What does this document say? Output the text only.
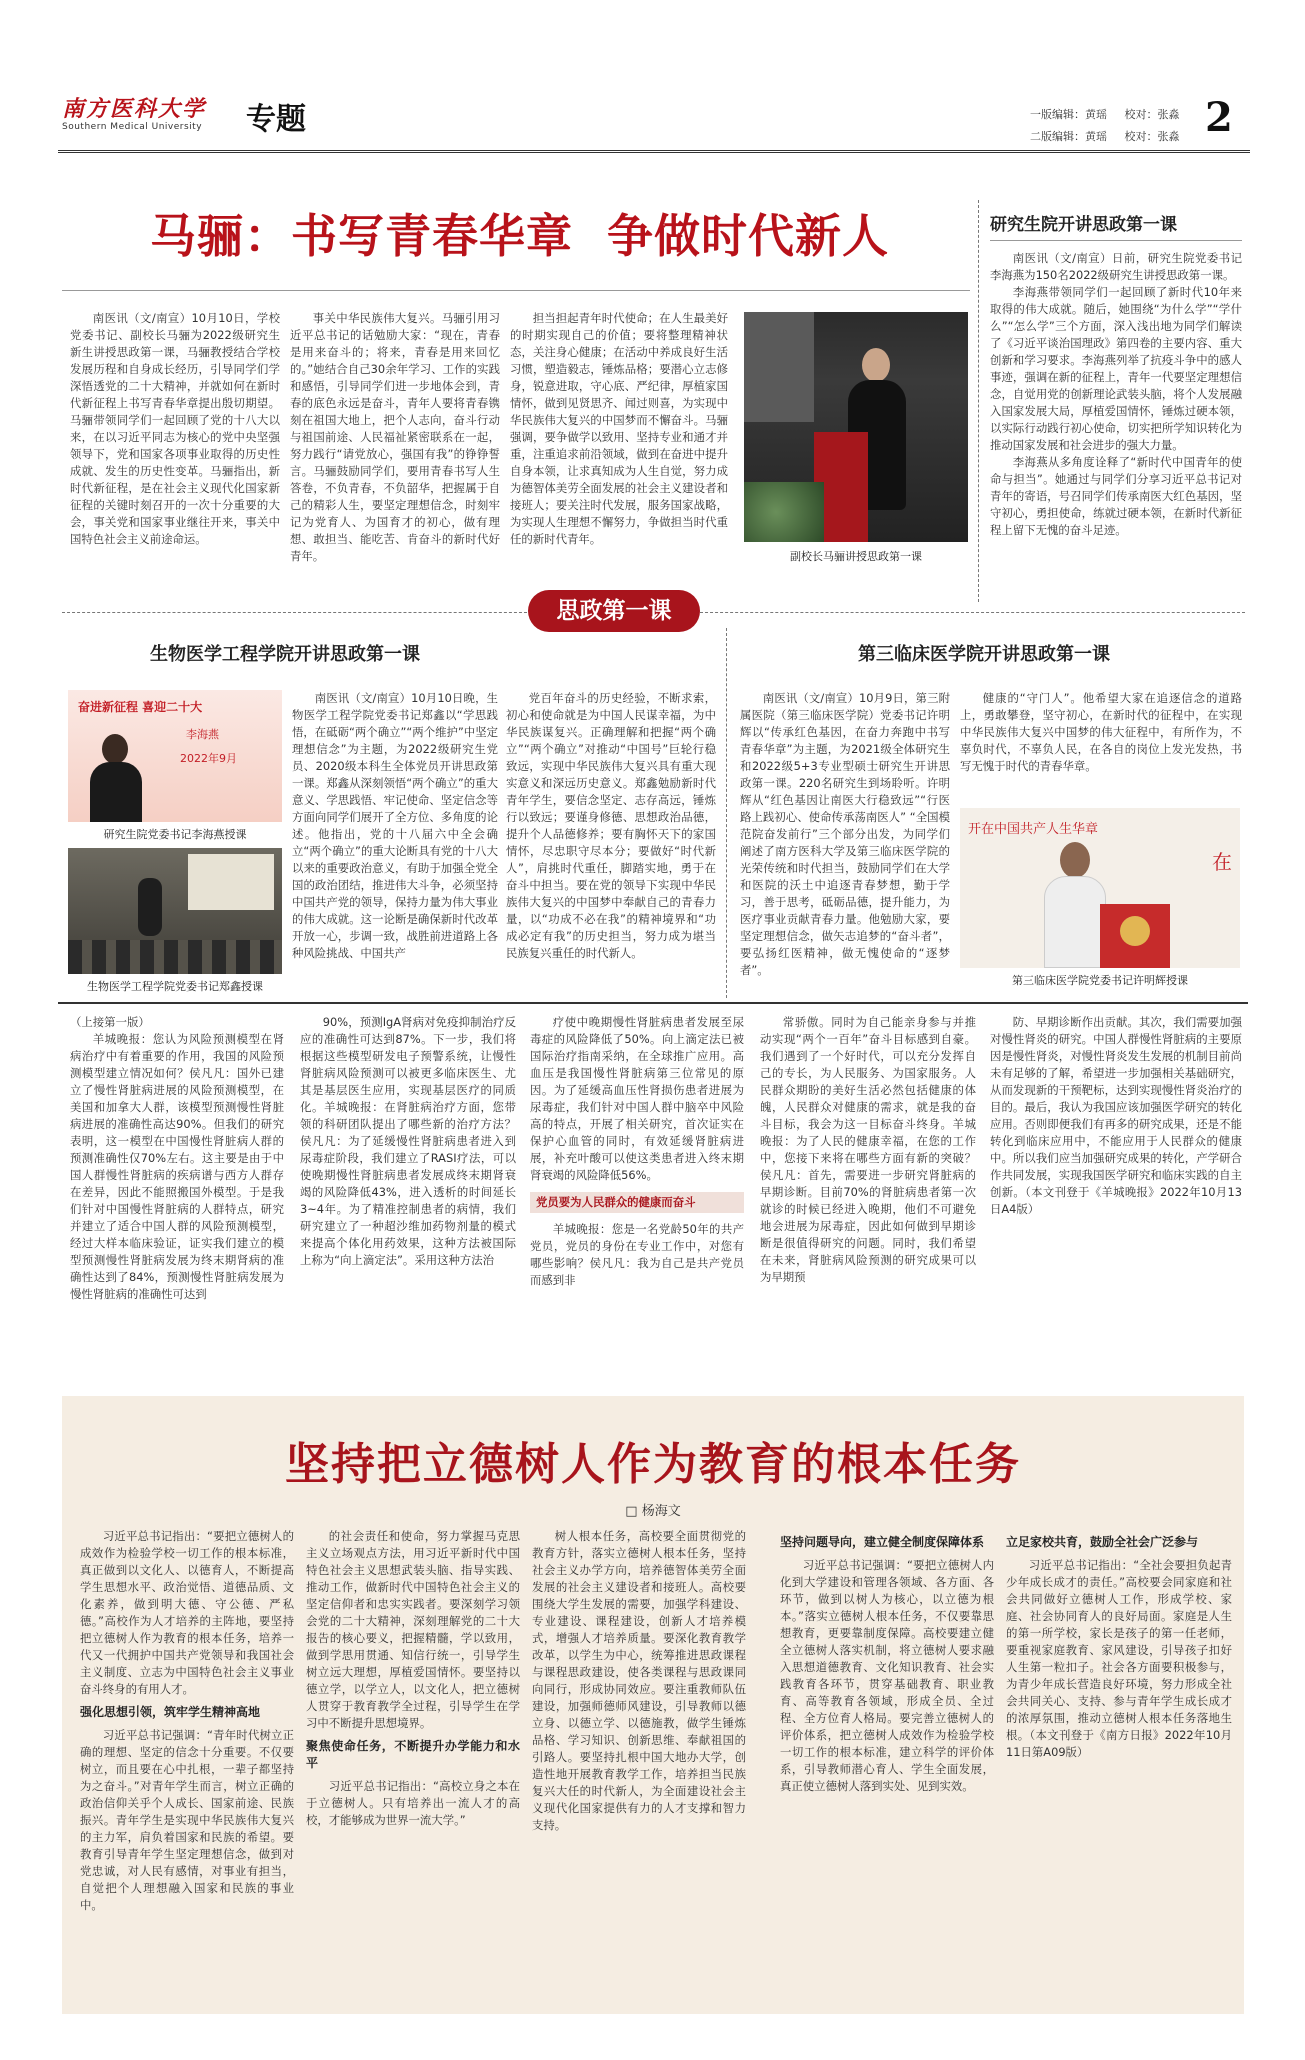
南方医科大学
Southern Medical University	专题	一版编辑：黄瑶 校对：张淼
二版编辑：黄瑶 校对：张淼 2
马骊：书写青春华章  争做时代新人

南医讯（文/南宣）10月10日，学校党委书记、副校长马骊为2022级研究生新生讲授思政第一课，马骊教授结合学校发展历程和自身成长经历，引导同学们学深悟透党的二十大精神，并就如何在新时代新征程上书写青春华章提出殷切期望。马骊带领同学们一起回顾了党的十八大以来，在以习近平同志为核心的党中央坚强领导下，党和国家各项事业取得的历史性成就、发生的历史性变革。马骊指出，新时代新征程，是在社会主义现代化国家新征程的关键时刻召开的一次十分重要的大会，事关党和国家事业继往开来，事关中国特色社会主义前途命运。

事关中华民族伟大复兴。马骊引用习近平总书记的话勉励大家：“现在，青春是用来奋斗的；将来，青春是用来回忆的。”她结合自己30余年学习、工作的实践和感悟，引导同学们进一步地体会到，青春的底色永远是奋斗，青年人要将青春镌刻在祖国大地上，把个人志向，奋斗行动与祖国前途、人民福祉紧密联系在一起，努力践行“请党放心，强国有我”的铮铮誓言。马骊鼓励同学们，要用青春书写人生答卷，不负青春，不负韶华，把握属于自己的精彩人生，要坚定理想信念，时刻牢记为党育人、为国育才的初心，做有理想、敢担当、能吃苦、肯奋斗的新时代好青年。

担当担起青年时代使命；在人生最美好的时期实现自己的价值；要将整理精神状态，关注身心健康；在活动中养成良好生活习惯，塑造毅志，锤炼品格；要潜心立志修身，锐意进取，守心底、严纪律，厚植家国情怀，做到见贤思齐、闻过则喜，为实现中华民族伟大复兴的中国梦而不懈奋斗。马骊强调，要争做学以致用、坚持专业和通才并重，注重追求前沿领域，做到在奋进中提升自身本领，让求真知成为人生自觉，努力成为德智体美劳全面发展的社会主义建设者和接班人；要关注时代发展，服务国家战略，为实现人生理想不懈努力，争做担当时代重任的新时代青年。

副校长马骊讲授思政第一课
研究生院开讲思政第一课

南医讯（文/南宣）日前，研究生院党委书记李海燕为150名2022级研究生讲授思政第一课。

李海燕带领同学们一起回顾了新时代10年来取得的伟大成就。随后，她围绕“为什么学”“学什么”“怎么学”三个方面，深入浅出地为同学们解读了《习近平谈治国理政》第四卷的主要内容、重大创新和学习要求。李海燕列举了抗疫斗争中的感人事迹，强调在新的征程上，青年一代要坚定理想信念，自觉用党的创新理论武装头脑，将个人发展融入国家发展大局，厚植爱国情怀，锤炼过硬本领，以实际行动践行初心使命，切实把所学知识转化为推动国家发展和社会进步的强大力量。

李海燕从多角度诠释了“新时代中国青年的使命与担当”。她通过与同学们分享习近平总书记对青年的寄语，号召同学们传承南医大红色基因，坚守初心，勇担使命，练就过硬本领，在新时代新征程上留下无愧的奋斗足迹。

思政第一课
生物医学工程学院开讲思政第一课
奋进新征程 喜迎二十大
李海燕
2022年9月
研究生院党委书记李海燕授课
生物医学工程学院党委书记郑鑫授课

南医讯（文/南宣）10月10日晚，生物医学工程学院党委书记郑鑫以“学思践悟，在砥砺“两个确立”“两个维护”中坚定理想信念”为主题，为2022级研究生党员、2020级本科生全体党员开讲思政第一课。郑鑫从深刻领悟“两个确立”的重大意义、学思践悟、牢记使命、坚定信念等方面向同学们展开了全方位、多角度的论述。他指出，党的十八届六中全会确立“两个确立”的重大论断具有党的十八大以来的重要政治意义，有助于加强全党全国的政治团结，推进伟大斗争，必须坚持中国共产党的领导，保持力量为伟大事业的伟大成就。这一论断是确保新时代改革开放一心，步调一致，战胜前进道路上各种风险挑战、中国共产

党百年奋斗的历史经验，不断求索，初心和使命就是为中国人民谋幸福，为中华民族谋复兴。正确理解和把握“两个确立”“两个确立”对推动“中国号”巨轮行稳致远，实现中华民族伟大复兴具有重大现实意义和深远历史意义。郑鑫勉励新时代青年学生，要信念坚定、志存高远，锤炼行以致远；要谨身修德、思想政治品德，提升个人品德修养；要有胸怀天下的家国情怀，尽忠职守尽本分；要做好“时代新人”，肩挑时代重任，脚踏实地，勇于在奋斗中担当。要在党的领导下实现中华民族伟大复兴的中国梦中奉献自己的青春力量，以“功成不必在我”的精神境界和“功成必定有我”的历史担当，努力成为堪当民族复兴重任的时代新人。

第三临床医学院开讲思政第一课

南医讯（文/南宣）10月9日，第三附属医院（第三临床医学院）党委书记许明辉以“传承红色基因，在奋力奔跑中书写青春华章”为主题，为2021级全体研究生和2022级5+3专业型硕士研究生开讲思政第一课。220名研究生到场聆听。许明辉从“红色基因让南医大行稳致远”“行医路上践初心、使命传承荡南医人” “全国模范院奋发前行”三个部分出发，为同学们阐述了南方医科大学及第三临床医学院的光荣传统和时代担当，鼓励同学们在大学和医院的沃土中追逐青春梦想，勤于学习，善于思考，砥砺品德，提升能力，为医疗事业贡献青春力量。他勉励大家，要坚定理想信念，做矢志追梦的“奋斗者”，要弘扬红医精神，做无愧使命的“逐梦者”。

健康的“守门人”。他希望大家在追逐信念的道路上，勇敢攀登，坚守初心，在新时代的征程中，在实现中华民族伟大复兴中国梦的伟大征程中，有所作为，不辜负时代，不辜负人民，在各自的岗位上发光发热，书写无愧于时代的青春华章。

开在中国共产人生华章
在
第三临床医学院党委书记许明辉授课
（上接第一版）

羊城晚报：您认为风险预测模型在肾病治疗中有着重要的作用，我国的风险预测模型建立情况如何？侯凡凡：国外已建立了慢性肾脏病进展的风险预测模型，在美国和加拿大人群，该模型预测慢性肾脏病进展的准确性高达90%。但我们的研究表明，这一模型在中国慢性肾脏病人群的预测准确性仅70%左右。这主要是由于中国人群慢性肾脏病的疾病谱与西方人群存在差异，因此不能照搬国外模型。于是我们针对中国慢性肾脏病的人群特点，研究并建立了适合中国人群的风险预测模型，经过大样本临床验证，证实我们建立的模型预测慢性肾脏病发展为终末期肾病的准确性达到了84%，预测慢性肾脏病发展为慢性肾脏病的准确性可达到

90%，预测IgA肾病对免疫抑制治疗反应的准确性可达到87%。下一步，我们将根据这些模型研发电子预警系统，让慢性肾脏病风险预测可以被更多临床医生、尤其是基层医生应用，实现基层医疗的同质化。羊城晚报：在肾脏病治疗方面，您带领的科研团队提出了哪些新的治疗方法？侯凡凡：为了延缓慢性肾脏病患者进入到尿毒症阶段，我们建立了RASI疗法，可以使晚期慢性肾脏病患者发展成终末期肾衰竭的风险降低43%，进入透析的时间延长3~4年。为了精准控制患者的病情，我们研究建立了一种超沙维加药物剂量的模式来提高个体化用药效果，这种方法被国际上称为“向上滴定法”。采用这种方法治

疗使中晚期慢性肾脏病患者发展至尿毒症的风险降低了50%。向上滴定法已被国际治疗指南采纳，在全球推广应用。高血压是我国慢性肾脏病第三位常见的原因。为了延缓高血压性肾损伤患者进展为尿毒症，我们针对中国人群中脑卒中风险高的特点，开展了相关研究，首次证实在保护心血管的同时，有效延缓肾脏病进展，补充叶酸可以使这类患者进入终末期肾衰竭的风险降低56%。

党员要为人民群众的健康而奋斗

羊城晚报：您是一名党龄50年的共产党员，党员的身份在专业工作中，对您有哪些影响？侯凡凡：我为自己是共产党员而感到非

常骄傲。同时为自己能亲身参与并推动实现“两个一百年”奋斗目标感到自豪。我们遇到了一个好时代，可以充分发挥自己的专长，为人民服务、为国家服务。人民群众期盼的美好生活必然包括健康的体魄，人民群众对健康的需求，就是我的奋斗目标，我会为这一目标奋斗终身。羊城晚报：为了人民的健康幸福，在您的工作中，您接下来将在哪些方面有新的突破？侯凡凡：首先，需要进一步研究肾脏病的早期诊断。目前70%的肾脏病患者第一次就诊的时候已经进入晚期，他们不可避免地会进展为尿毒症，因此如何做到早期诊断是很值得研究的问题。同时，我们希望在未来，肾脏病风险预测的研究成果可以为早期预

防、早期诊断作出贡献。其次，我们需要加强对慢性肾炎的研究。中国人群慢性肾脏病的主要原因是慢性肾炎，对慢性肾炎发生发展的机制目前尚未有足够的了解，希望进一步加强相关基础研究，从而发现新的干预靶标，达到实现慢性肾炎治疗的目的。最后，我认为我国应该加强医学研究的转化应用。否则即便我们有再多的研究成果，还是不能转化到临床应用中，不能应用于人民群众的健康中。所以我们应当加强研究成果的转化，产学研合作共同发展，实现我国医学研究和临床实践的自主创新。（本文刊登于《羊城晚报》2022年10月13日A4版）

坚持把立德树人作为教育的根本任务
□ 杨海文

习近平总书记指出：“要把立德树人的成效作为检验学校一切工作的根本标准，真正做到以文化人、以德育人，不断提高学生思想水平、政治觉悟、道德品质、文化素养，做到明大德、守公德、严私德。”高校作为人才培养的主阵地，要坚持把立德树人作为教育的根本任务，培养一代又一代拥护中国共产党领导和我国社会主义制度、立志为中国特色社会主义事业奋斗终身的有用人才。

强化思想引领，筑牢学生精神高地

习近平总书记强调：“青年时代树立正确的理想、坚定的信念十分重要。不仅要树立，而且要在心中扎根，一辈子都坚持为之奋斗。”对青年学生而言，树立正确的政治信仰关乎个人成长、国家前途、民族振兴。青年学生是实现中华民族伟大复兴的主力军，肩负着国家和民族的希望。要教育引导青年学生坚定理想信念，做到对党忠诚，对人民有感情，对事业有担当，自觉把个人理想融入国家和民族的事业中。

的社会责任和使命，努力掌握马克思主义立场观点方法，用习近平新时代中国特色社会主义思想武装头脑、指导实践、推动工作，做新时代中国特色社会主义的坚定信仰者和忠实实践者。要深刻学习领会党的二十大精神，深刻理解党的二十大报告的核心要义，把握精髓，学以致用，做到学思用贯通、知信行统一，引导学生树立远大理想，厚植爱国情怀。要坚持以德立学，以学立人，以文化人，把立德树人贯穿于教育教学全过程，引导学生在学习中不断提升思想境界。

聚焦使命任务，不断提升办学能力和水平

习近平总书记指出：“高校立身之本在于立德树人。只有培养出一流人才的高校，才能够成为世界一流大学。”

树人根本任务，高校要全面贯彻党的教育方针，落实立德树人根本任务，坚持社会主义办学方向，培养德智体美劳全面发展的社会主义建设者和接班人。高校要围绕大学生发展的需要，加强学科建设、专业建设、课程建设，创新人才培养模式，增强人才培养质量。要深化教育教学改革，以学生为中心，统筹推进思政课程与课程思政建设，使各类课程与思政课同向同行，形成协同效应。要注重教师队伍建设，加强师德师风建设，引导教师以德立身、以德立学、以德施教，做学生锤炼品格、学习知识、创新思维、奉献祖国的引路人。要坚持扎根中国大地办大学，创造性地开展教育教学工作，培养担当民族复兴大任的时代新人，为全面建设社会主义现代化国家提供有力的人才支撑和智力支持。

坚持问题导向，建立健全制度保障体系

习近平总书记强调：“要把立德树人内化到大学建设和管理各领域、各方面、各环节，做到以树人为核心，以立德为根本。”落实立德树人根本任务，不仅要靠思想教育，更要靠制度保障。高校要建立健全立德树人落实机制，将立德树人要求融入思想道德教育、文化知识教育、社会实践教育各环节，贯穿基础教育、职业教育、高等教育各领域，形成全员、全过程、全方位育人格局。要完善立德树人的评价体系，把立德树人成效作为检验学校一切工作的根本标准，建立科学的评价体系，引导教师潜心育人、学生全面发展，真正使立德树人落到实处、见到实效。

立足家校共育，鼓励全社会广泛参与

习近平总书记指出：“全社会要担负起青少年成长成才的责任。”高校要会同家庭和社会共同做好立德树人工作，形成学校、家庭、社会协同育人的良好局面。家庭是人生的第一所学校，家长是孩子的第一任老师，要重视家庭教育、家风建设，引导孩子扣好人生第一粒扣子。社会各方面要积极参与，为青少年成长营造良好环境，努力形成全社会共同关心、支持、参与青年学生成长成才的浓厚氛围，推动立德树人根本任务落地生根。（本文刊登于《南方日报》2022年10月11日第A09版）
